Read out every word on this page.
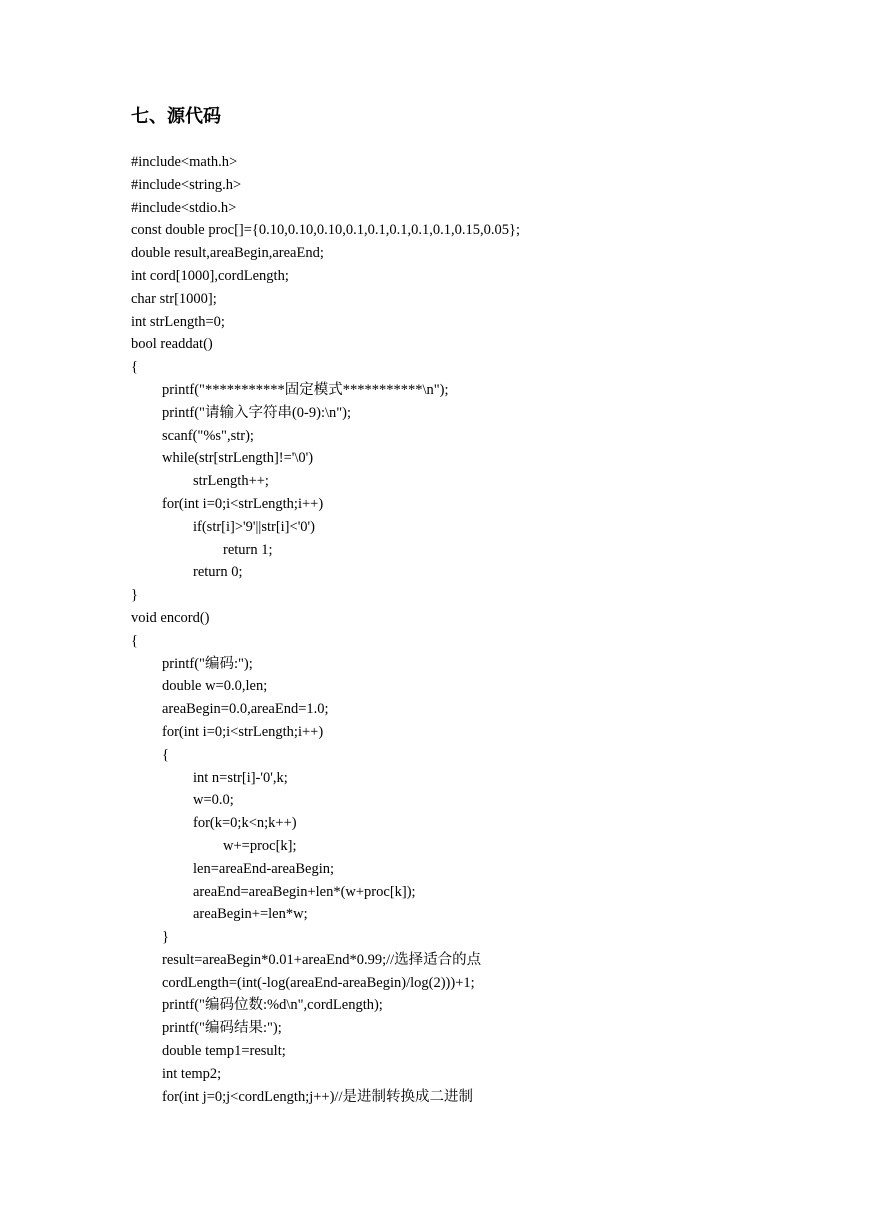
七、源代码
#include<math.h>
#include<string.h>
#include<stdio.h>
const double proc[]={0.10,0.10,0.10,0.1,0.1,0.1,0.1,0.1,0.15,0.05};
double result,areaBegin,areaEnd;
int cord[1000],cordLength;
char str[1000];
int strLength=0;
bool readdat()
{
printf("***********固定模式***********\n");
printf("请输入字符串(0-9):\n");
scanf("%s",str);
while(str[strLength]!='\0')
strLength++;
for(int i=0;i<strLength;i++)
if(str[i]>'9'||str[i]<'0')
return 1;
return 0;
}
void encord()
{
printf("编码:");
double w=0.0,len;
areaBegin=0.0,areaEnd=1.0;
for(int i=0;i<strLength;i++)
{
int n=str[i]-'0',k;
w=0.0;
for(k=0;k<n;k++)
w+=proc[k];
len=areaEnd-areaBegin;
areaEnd=areaBegin+len*(w+proc[k]);
areaBegin+=len*w;
}
result=areaBegin*0.01+areaEnd*0.99;//选择适合的点
cordLength=(int(-log(areaEnd-areaBegin)/log(2)))+1;
printf("编码位数:%d\n",cordLength);
printf("编码结果:");
double temp1=result;
int temp2;
for(int j=0;j<cordLength;j++)//是进制转换成二进制
